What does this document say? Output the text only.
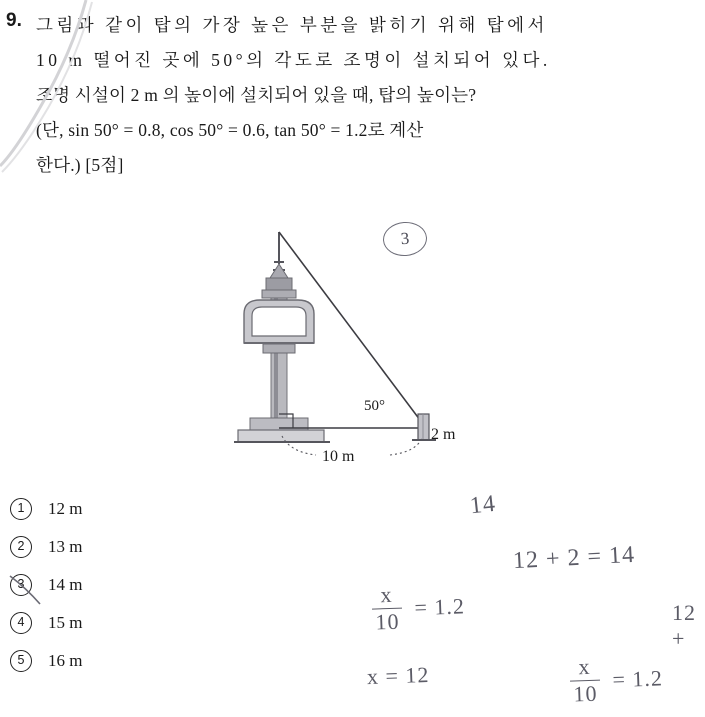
9. 그림과 같이 탑의 가장 높은 부분을 밝히기 위해 탑에서
10 m 떨어진 곳에 50°의 각도로 조명이 설치되어 있다.
조명 시설이 2 m 의 높이에 설치되어 있을 때, 탑의 높이는?
(단, sin 50° = 0.8, cos 50° = 0.6, tan 50° = 1.2로 계산
한다.) [5점]
50°
2 m
10 m
3
1	12 m
2	13 m
3	14 m
4	15 m
5	16 m
14
12 + 2 = 14
$\frac{x}{10} = 1.2$	12 +
x = 12	$\frac{x}{10} = 1.2$
